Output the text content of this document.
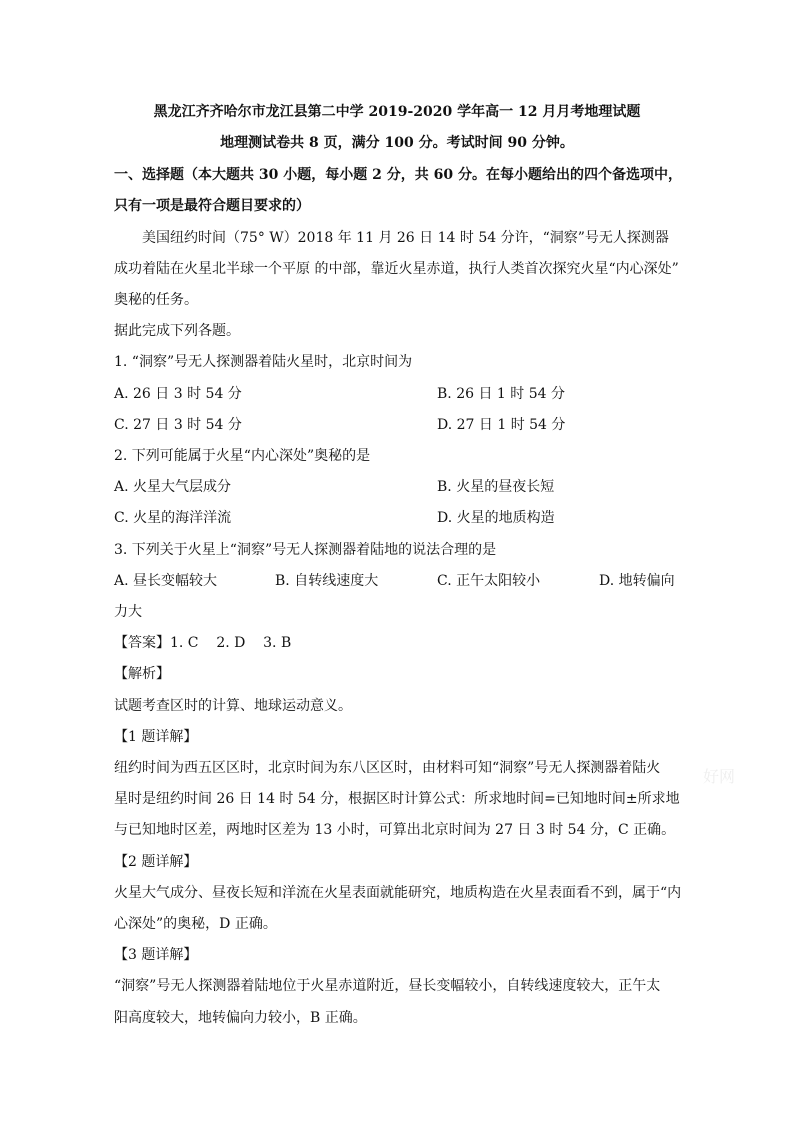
黑龙江齐齐哈尔市龙江县第二中学 2019-2020 学年高一 12 月月考地理试题
地理测试卷共 8 页，满分 100 分。考试时间 90 分钟。
一、选择题（本大题共 30 小题，每小题 2 分，共 60 分。在每小题给出的四个备选项中，
只有一项是最符合题目要求的）
美国纽约时间（75° W）2018 年 11 月 26 日 14 时 54 分许，“洞察”号无人探测器
成功着陆在火星北半球一个平原 的中部，靠近火星赤道，执行人类首次探究火星“内心深处”
奥秘的任务。
据此完成下列各题。
1. “洞察”号无人探测器着陆火星时，北京时间为
A. 26 日 3 时 54 分	B. 26 日 1 时 54 分
C. 27 日 3 时 54 分	D. 27 日 1 时 54 分
2. 下列可能属于火星“内心深处”奥秘的是
A. 火星大气层成分	B. 火星的昼夜长短
C. 火星的海洋洋流	D. 火星的地质构造
3. 下列关于火星上“洞察”号无人探测器着陆地的说法合理的是
A. 昼长变幅较大	B. 自转线速度大	C. 正午太阳较小	D. 地转偏向
力大
【答案】1. C    2. D    3. B
【解析】
试题考查区时的计算、地球运动意义。
【1 题详解】
纽约时间为西五区区时，北京时间为东八区区时，由材料可知“洞察”号无人探测器着陆火
星时是纽约时间 26 日 14 时 54 分，根据区时计算公式：所求地时间=已知地时间±所求地
与已知地时区差，两地时区差为 13 小时，可算出北京时间为 27 日 3 时 54 分，C 正确。
【2 题详解】
火星大气成分、昼夜长短和洋流在火星表面就能研究，地质构造在火星表面看不到，属于“内
心深处”的奥秘，D 正确。
【3 题详解】
“洞察”号无人探测器着陆地位于火星赤道附近，昼长变幅较小，自转线速度较大，正午太
阳高度较大，地转偏向力较小，B 正确。
好网
